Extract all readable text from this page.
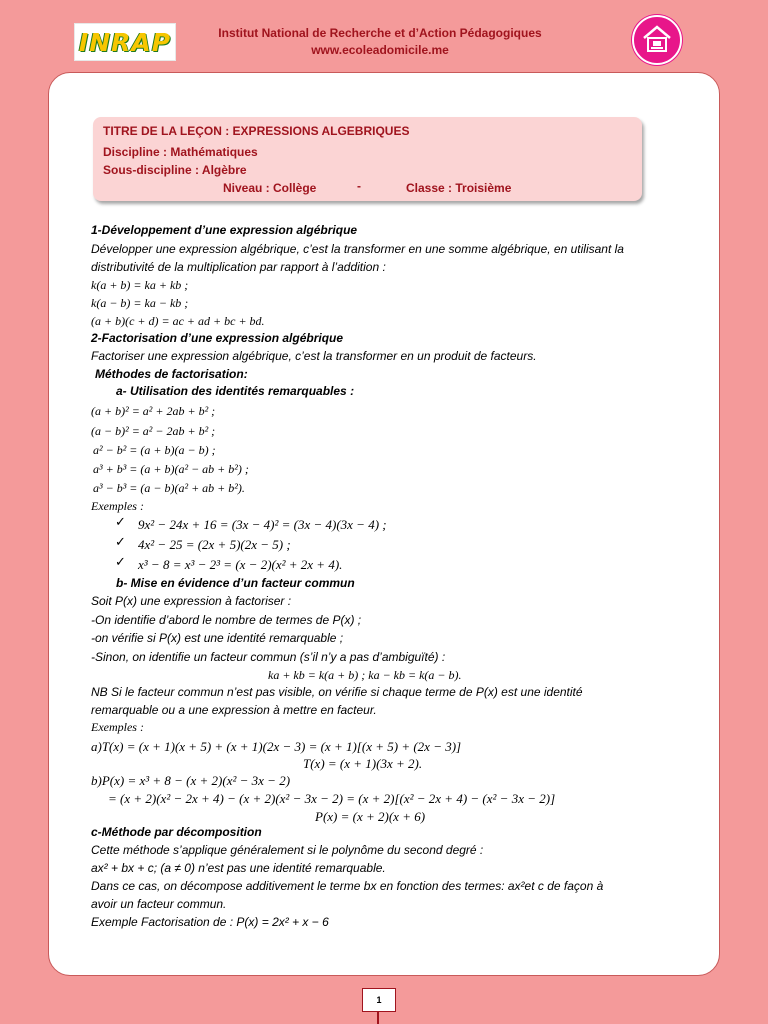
INRAP	Institut National de Recherche et d’Action Pédagogiques
www.ecoleadomicile.me
TITRE DE LA LEÇON : EXPRESSIONS ALGEBRIQUES
Discipline : Mathématiques
Sous-discipline : Algèbre
Niveau : Collège	-	Classe : Troisième
1-Développement d’une expression algébrique
Développer une expression algébrique, c’est la transformer en une somme algébrique, en utilisant la
distributivité de la multiplication par rapport à l’addition :
k(a + b) = ka + kb ;
k(a − b) = ka − kb ;
(a + b)(c + d) = ac + ad + bc + bd.
2-Factorisation d’une expression algébrique
Factoriser une expression algébrique, c’est la transformer en un produit de facteurs.
Méthodes de factorisation:
a- Utilisation des identités remarquables :
(a + b)² = a² + 2ab + b² ;
(a − b)² = a² − 2ab + b² ;
a² − b² = (a + b)(a − b) ;
a³ + b³ = (a + b)(a² − ab + b²) ;
a³ − b³ = (a − b)(a² + ab + b²).
Exemples :
✓ 9x² − 24x + 16 = (3x − 4)² = (3x − 4)(3x − 4) ;
✓ 4x² − 25 = (2x + 5)(2x − 5) ;
✓ x³ − 8 = x³ − 2³ = (x − 2)(x² + 2x + 4).
b- Mise en évidence d’un facteur commun
Soit P(x) une expression à factoriser :
-On identifie d’abord le nombre de termes de P(x) ;
-on vérifie si P(x) est une identité remarquable ;
-Sinon, on identifie un facteur commun (s’il n’y a pas d’ambiguïté) :
ka + kb = k(a + b) ; ka − kb = k(a − b).
NB Si le facteur commun n’est pas visible, on vérifie si chaque terme de P(x) est une identité
remarquable ou a une expression à mettre en facteur.
Exemples :
a)T(x) = (x + 1)(x + 5) + (x + 1)(2x − 3) = (x + 1)[(x + 5) + (2x − 3)]
T(x) = (x + 1)(3x + 2).
b)P(x) = x³ + 8 − (x + 2)(x² − 3x − 2)
= (x + 2)(x² − 2x + 4) − (x + 2)(x² − 3x − 2) = (x + 2)[(x² − 2x + 4) − (x² − 3x − 2)]
P(x) = (x + 2)(x + 6)
c-Méthode par décomposition
Cette méthode s’applique généralement si le polynôme du second degré :
ax² + bx + c; (a ≠ 0) n’est pas une identité remarquable.
Dans ce cas, on décompose additivement le terme bx en fonction des termes: ax²et c de façon à
avoir un facteur commun.
Exemple Factorisation de : P(x) = 2x² + x − 6
1
